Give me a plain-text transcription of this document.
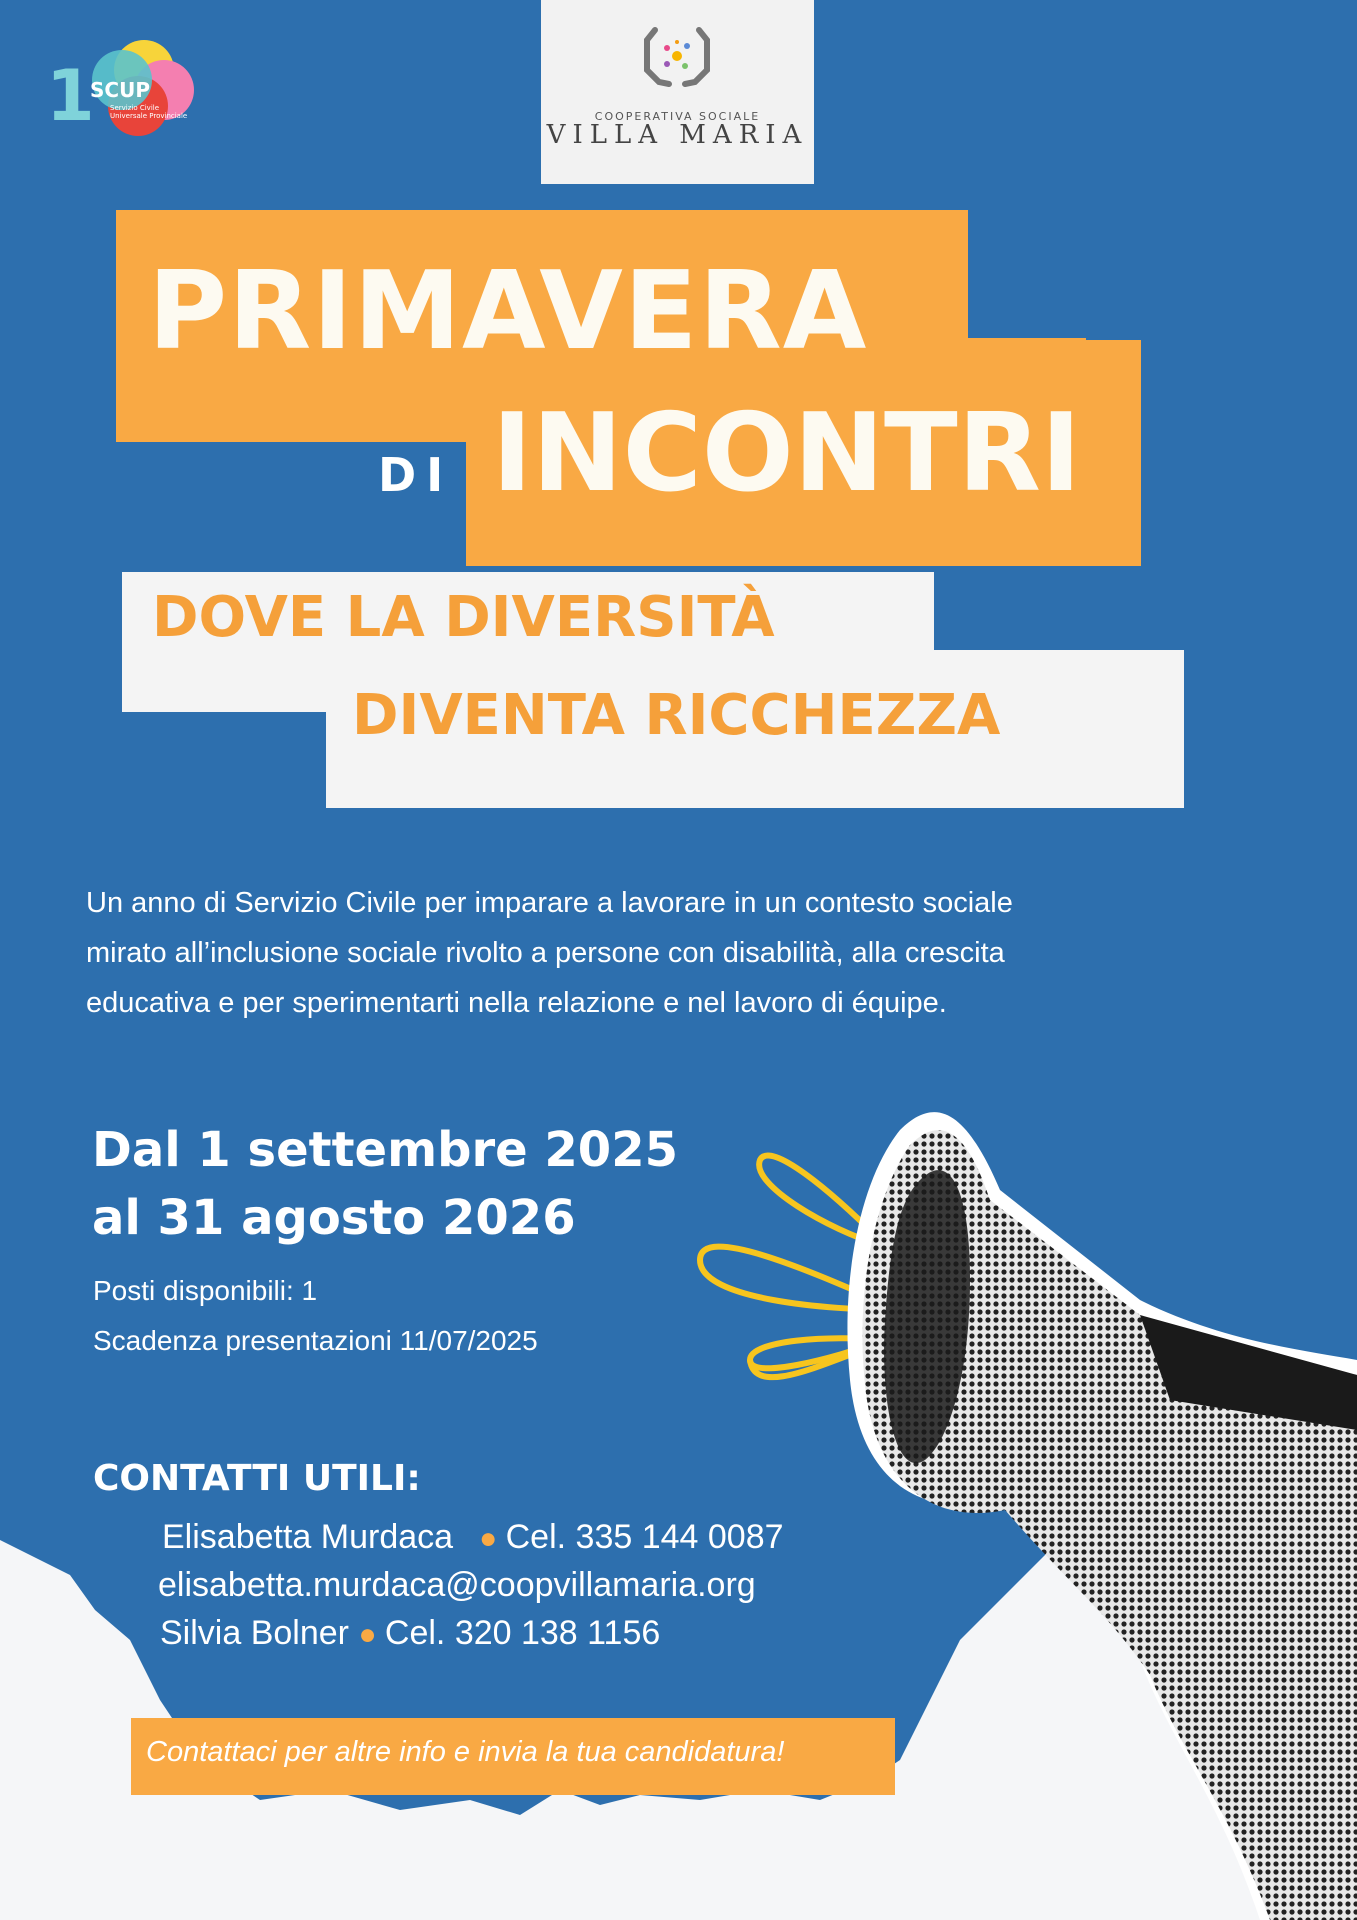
1
SCUP
Servizio Civile Universale Provinciale	COOPERATIVA SOCIALE
VILLA MARIA
PRIMAVERA
DI INCONTRI
DOVE LA DIVERSITÀ
DIVENTA RICCHEZZA
Un anno di Servizio Civile per imparare a lavorare in un contesto sociale
mirato all’inclusione sociale rivolto a persone con disabilità, alla crescita
educativa e per sperimentarti nella relazione e nel lavoro di équipe.
Dal 1 settembre 2025
al 31 agosto 2026
Posti disponibili: 1
Scadenza presentazioni 11/07/2025
CONTATTI UTILI:
Elisabetta Murdaca   ● Cel. 335 144 0087
elisabetta.murdaca@coopvillamaria.org
Silvia Bolner ● Cel. 320 138 1156
Contattaci per altre info e invia la tua candidatura!
